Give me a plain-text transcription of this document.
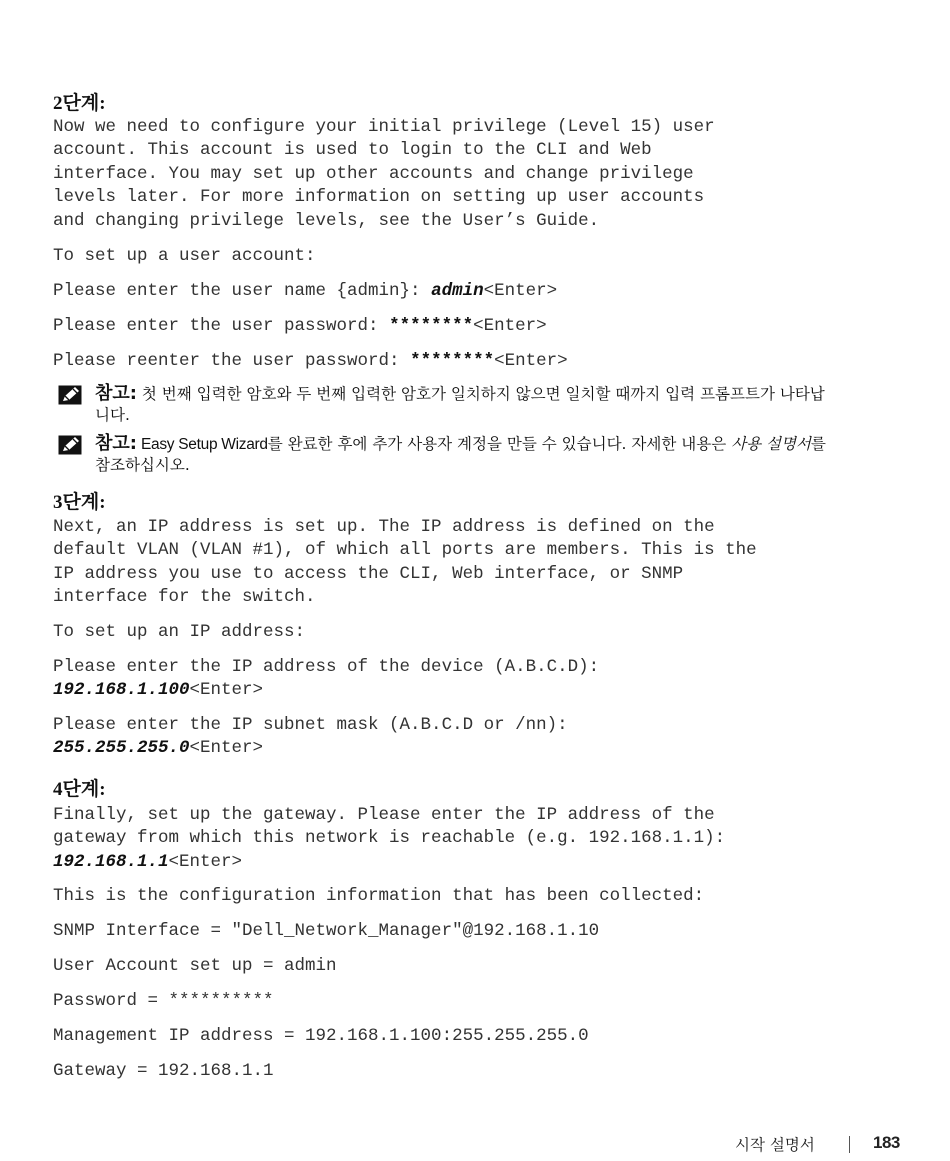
2단계:
Now we need to configure your initial privilege (Level 15) user
account. This account is used to login to the CLI and Web
interface. You may set up other accounts and change privilege
levels later. For more information on setting up user accounts
and changing privilege levels, see the User’s Guide.
To set up a user account:
Please enter the user name {admin}: admin<Enter>
Please enter the user password: ********<Enter>
Please reenter the user password: ********<Enter>
참고: 첫 번째 입력한 암호와 두 번째 입력한 암호가 일치하지 않으면 일치할 때까지 입력 프롬프트가 나타납니다.
참고: Easy Setup Wizard를 완료한 후에 추가 사용자 계정을 만들 수 있습니다. 자세한 내용은 사용 설명서를 참조하십시오.
3단계:
Next, an IP address is set up. The IP address is defined on the
default VLAN (VLAN #1), of which all ports are members. This is the
IP address you use to access the CLI, Web interface, or SNMP
interface for the switch.
To set up an IP address:
Please enter the IP address of the device (A.B.C.D):
192.168.1.100<Enter>
Please enter the IP subnet mask (A.B.C.D or /nn):
255.255.255.0<Enter>
4단계:
Finally, set up the gateway. Please enter the IP address of the
gateway from which this network is reachable (e.g. 192.168.1.1):
192.168.1.1<Enter>
This is the configuration information that has been collected:
SNMP Interface = "Dell_Network_Manager"@192.168.1.10
User Account set up = admin
Password = **********
Management IP address = 192.168.1.100:255.255.255.0
Gateway = 192.168.1.1
시작 설명서	183
